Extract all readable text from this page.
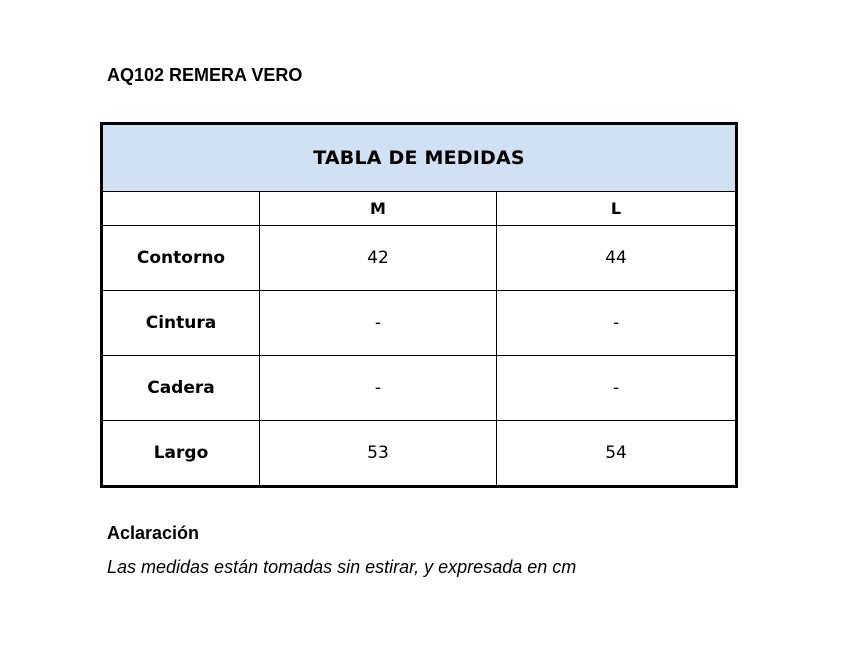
AQ102 REMERA VERO
TABLA DE MEDIDAS		
	M	L
Contorno	42	44
Cintura	-	-
Cadera	-	-
Largo	53	54
Aclaración

Las medidas están tomadas sin estirar, y expresada en cm
